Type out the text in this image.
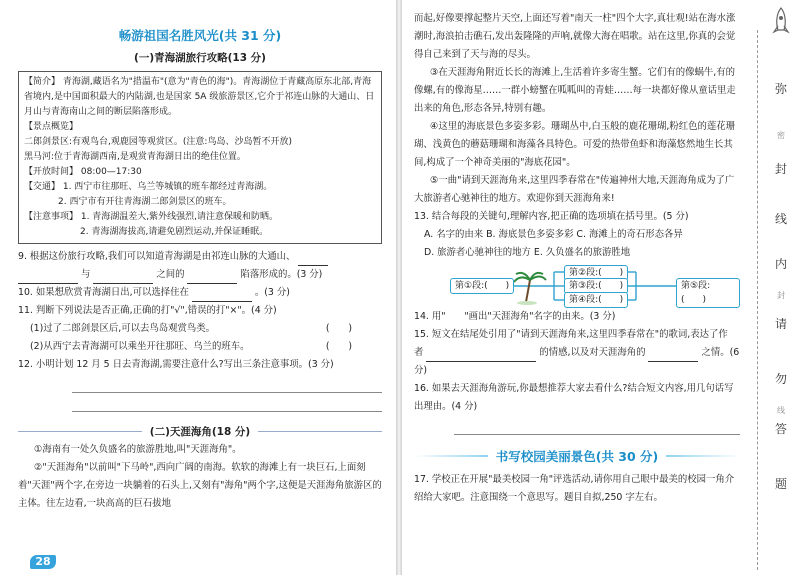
畅游祖国名胜风光(共 31 分)
(一)青海湖旅行攻略(13 分)
【简介】 青海湖,藏语名为"措温布"(意为"青色的海")。青海湖位于青藏高原东北部,青海省境内,是中国面积最大的内陆湖,也是国家 5A 级旅游景区,它介于祁连山脉的大通山、日月山与青海南山之间的断层陷落形成。
【景点概览】
二郎剑景区:有观鸟台,观鹿园等观赏区。(注意:鸟岛、沙岛暂不开放)
黑马河:位于青海湖西南,是观赏青海湖日出的绝佳位置。
【开放时间】 08:00—17:30
【交通】 1. 西宁市往那旺、乌兰等城镇的班车都经过青海湖。
2. 西宁市有开往青海湖二郎剑景区的班车。
【注意事项】 1. 青海湖温差大,紫外线强烈,请注意保暖和防晒。
2. 青海湖海拔高,请避免剧烈运动,并保证睡眠。
9. 根据这份旅行攻略,我们可以知道青海湖是由祁连山脉的大通山、
与	之间的	陷落形成的。(3 分)
10. 如果想欣赏青海湖日出,可以选择住在	。(3 分)
11. 判断下列说法是否正确,正确的打"√",错误的打"×"。(4 分)
(1)过了二郎剑景区后,可以去鸟岛观赏鸟类。	(　　)
(2)从西宁去青海湖可以乘坐开往那旺、乌兰的班车。	(　　)
12. 小明计划 12 月 5 日去青海湖,需要注意什么?写出三条注意事项。(3 分)
(二)天涯海角(18 分)
①海南有一处久负盛名的旅游胜地,叫"天涯海角"。
②"天涯海角"以前叫"下马岭",西向广阔的南海。软软的海滩上有一块巨石,上面刻着"天涯"两个字,在旁边一块躺着的石头上,又刻有"海角"两个字,这便是天涯海角旅游区的主体。往左边看,一块高高的巨石拔地
28
而起,好像要撑起整片天空,上面还写着"南天一柱"四个大字,真壮观!站在海水涨潮时,海浪拍击礁石,发出轰隆隆的声响,就像大海在唱歌。站在这里,你真的会觉得自己来到了天与海的尽头。
③在天涯海角附近长长的海滩上,生活着许多寄生蟹。它们有的像蜗牛,有的像螺,有的像海星……一群小螃蟹在呱呱叫的青蛙……每一块都好像从童话里走出来的角色,形态各异,特别有趣。
④这里的海底景色多姿多彩。珊瑚丛中,白玉般的鹿花珊瑚,粉红色的莲花珊瑚、浅黄色的蘑菇珊瑚和海藻各具特色。可爱的热带鱼虾和海藻悠然地生长其间,构成了一个神奇美丽的"海底花园"。
⑤一曲"请到天涯海角来,这里四季春常在"传遍神州大地,天涯海角成为了广大旅游者心驰神往的地方。欢迎你到天涯海角来!
13. 结合每段的关键句,理解内容,把正确的选项填在括号里。(5 分)
A. 名字的由来 B. 海底景色多姿多彩 C. 海滩上的奇石形态各异
D. 旅游者心驰神往的地方 E. 久负盛名的旅游胜地
第①段:(　　)
第②段:(　　)
第③段:(　　)
第④段:(　　)
第⑤段:(　　)
14. 用"　　"画出"天涯海角"名字的由来。(3 分)
15. 短文在结尾处引用了"请到天涯海角来,这里四季春常在"的歌词,表达了作
者	的情感,以及对天涯海角的	之情。(6 分)
16. 如果去天涯海角游玩,你最想推荐大家去看什么?结合短文内容,用几句话写出理由。(4 分)
书写校园美丽景色(共 30 分)
17. 学校正在开展"最美校园一角"评选活动,请你用自己眼中最美的校园一角介绍给大家吧。注意围绕一个意思写。题目自拟,250 字左右。
弥
密
封
线
内
封
请
勿
线
答
题
